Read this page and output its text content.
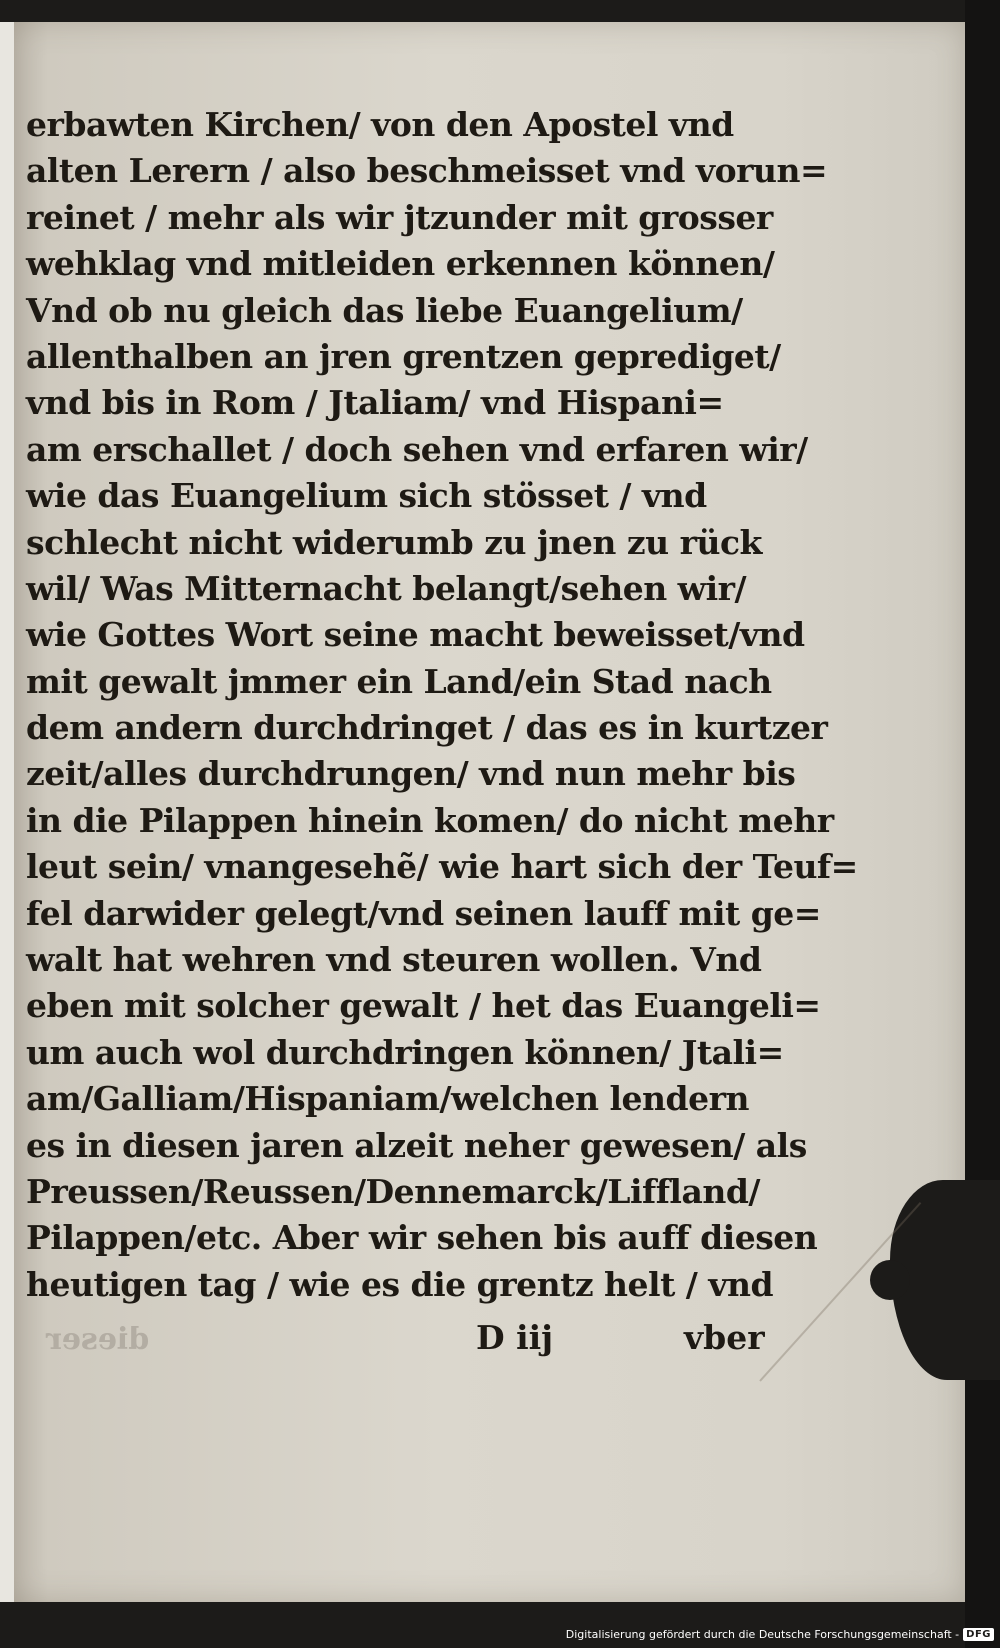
erbawten Kirchen/ von den Apostel vnd
alten Lerern / also beschmeisset vnd vorun=
reinet / mehr als wir jtzunder mit grosser
wehklag vnd mitleiden erkennen können/
Vnd ob nu gleich das liebe Euangelium/
allenthalben an jren grentzen geprediget/
vnd bis in Rom / Jtaliam/ vnd Hispani=
am erschallet / doch sehen vnd erfaren wir/
wie das Euangelium sich stösset / vnd
schlecht nicht widerumb zu jnen zu rück
wil/ Was Mitternacht belangt/sehen wir/
wie Gottes Wort seine macht beweisset/vnd
mit gewalt jmmer ein Land/ein Stad nach
dem andern durchdringet / das es in kurtzer
zeit/alles durchdrungen/ vnd nun mehr bis
in die Pilappen hinein komen/ do nicht mehr
leut sein/ vnangesehẽ/ wie hart sich der Teuf=
fel darwider gelegt/vnd seinen lauff mit ge=
walt hat wehren vnd steuren wollen. Vnd
eben mit solcher gewalt / het das Euangeli=
um auch wol durchdringen können/ Jtali=
am/Galliam/Hispaniam/welchen lendern
es in diesen jaren alzeit neher gewesen/ als
Preussen/Reussen/Dennemarck/Liffland/
Pilappen/etc. Aber wir sehen bis auff diesen
heutigen tag / wie es die grentz helt / vnd
dieser	D iij	vber
Digitalisierung gefördert durch die Deutsche Forschungsgemeinschaft - DFG
